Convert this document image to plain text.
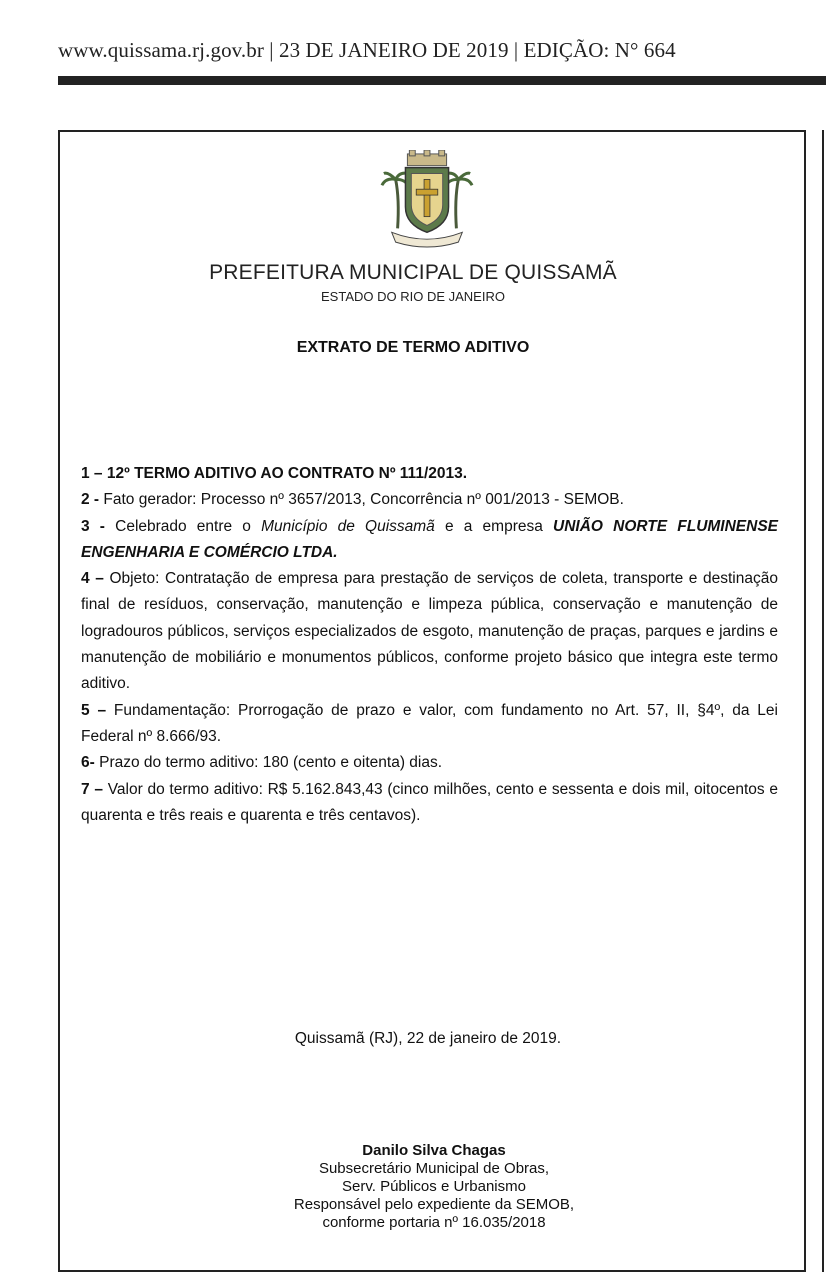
www.quissama.rj.gov.br | 23 DE JANEIRO DE 2019 | EDIÇÃO: N° 664
PREFEITURA MUNICIPAL DE QUISSAMÃ
ESTADO DO RIO DE JANEIRO
EXTRATO DE TERMO ADITIVO

1 – 12º TERMO ADITIVO AO CONTRATO Nº 111/2013.

2 - Fato gerador: Processo nº 3657/2013, Concorrência nº 001/2013 - SEMOB.

3 - Celebrado entre o Município de Quissamã e a empresa UNIÃO NORTE FLUMINENSE ENGENHARIA E COMÉRCIO LTDA.

4 – Objeto: Contratação de empresa para prestação de serviços de coleta, transporte e destinação final de resíduos, conservação, manutenção e limpeza pública, conservação e manutenção de logradouros públicos, serviços especializados de esgoto, manutenção de praças, parques e jardins e manutenção de mobiliário e monumentos públicos, conforme projeto básico que integra este termo aditivo.

5 – Fundamentação: Prorrogação de prazo e valor, com fundamento no Art. 57, II, §4º, da Lei Federal nº 8.666/93.

6- Prazo do termo aditivo: 180 (cento e oitenta) dias.

7 – Valor do termo aditivo: R$ 5.162.843,43 (cinco milhões, cento e sessenta e dois mil, oitocentos e quarenta e três reais e quarenta e três centavos).

Quissamã (RJ), 22 de janeiro de 2019.
Danilo Silva Chagas
Subsecretário Municipal de Obras,
Serv. Públicos e Urbanismo
Responsável pelo expediente da SEMOB,
conforme portaria nº 16.035/2018
